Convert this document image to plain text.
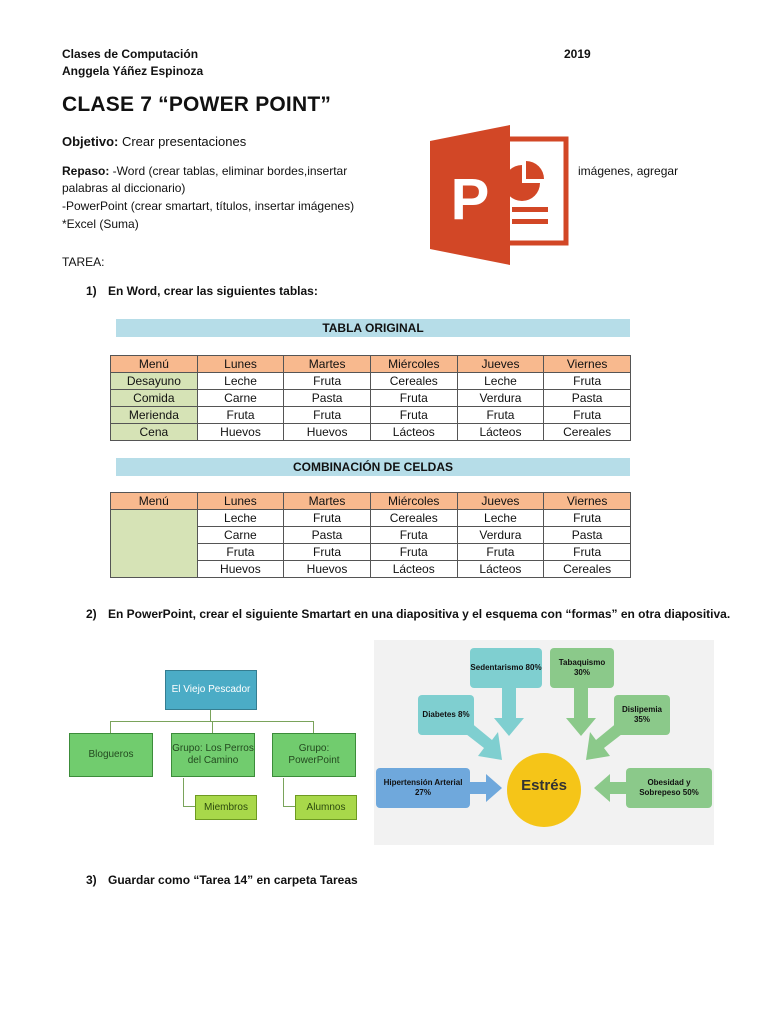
Clases de Computación
Anggela Yáñez Espinoza
2019
CLASE 7 “POWER POINT”
Objetivo: Crear presentaciones
Repaso: -Word (crear tablas, eliminar bordes,insertar	imágenes, agregar
palabras al diccionario)
-PowerPoint (crear smartart, títulos, insertar imágenes)
*Excel (Suma)	P
TAREA:
1) En Word, crear las siguientes tablas:
TABLA ORIGINAL
Menú	Lunes	Martes	Miércoles	Jueves	Viernes
Desayuno	Leche	Fruta	Cereales	Leche	Fruta
Comida	Carne	Pasta	Fruta	Verdura	Pasta
Merienda	Fruta	Fruta	Fruta	Fruta	Fruta
Cena	Huevos	Huevos	Lácteos	Lácteos	Cereales
COMBINACIÓN DE CELDAS
Menú	Lunes	Martes	Miércoles	Jueves	Viernes
	Leche	Fruta	Cereales	Leche	Fruta
	Carne	Pasta	Fruta	Verdura	Pasta
	Fruta	Fruta	Fruta	Fruta	Fruta
	Huevos	Huevos	Lácteos	Lácteos	Cereales
2) En PowerPoint, crear el siguiente Smartart en una diapositiva y el esquema con “formas” en otra diapositiva.
El Viejo Pescador
Blogueros
Grupo: Los Perros del Camino
Grupo: PowerPoint
Miembros	Alumnos
Estrés
Sedentarismo 80%
Tabaquismo 30%
Diabetes 8%
Dislipemia 35%
Hipertensión Arterial 27%
Obesidad y Sobrepeso 50%
3) Guardar como “Tarea 14” en carpeta Tareas
